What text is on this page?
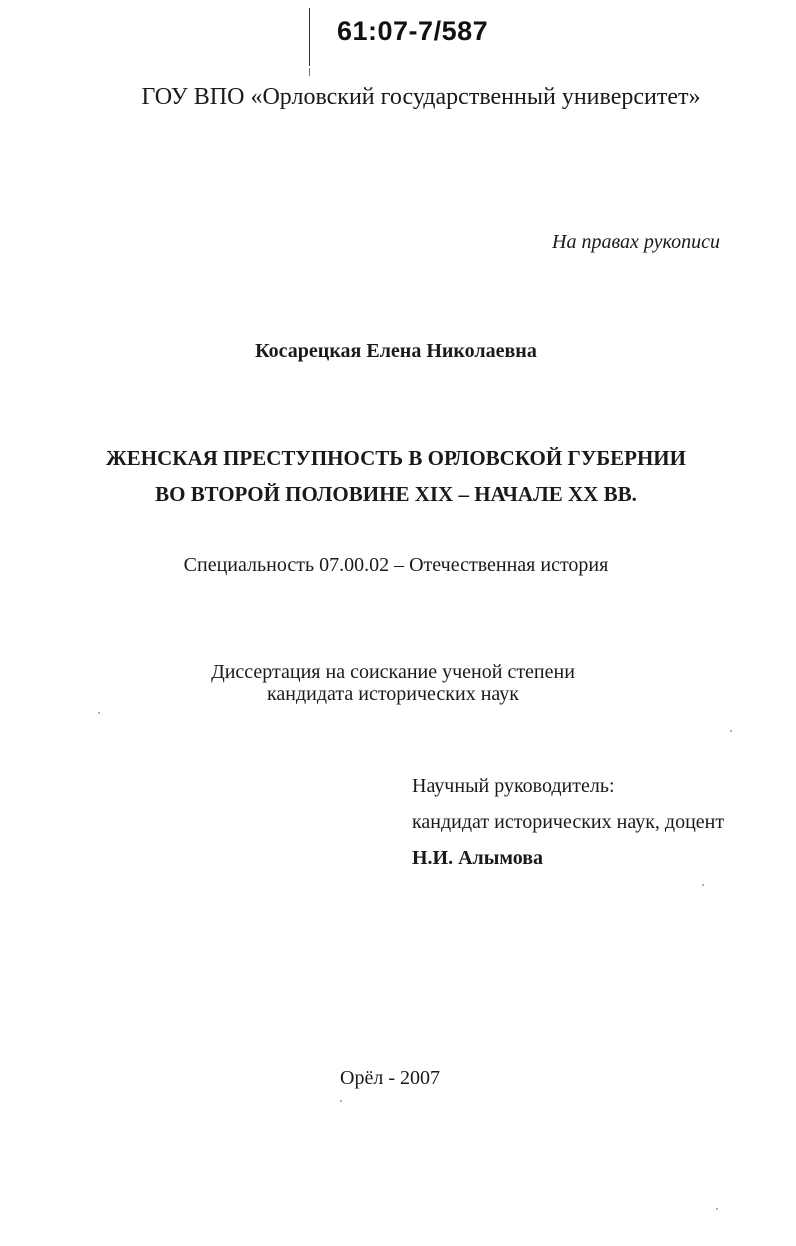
61:07-7/587
ГОУ ВПО «Орловский государственный университет»
На правах рукописи
Косарецкая Елена Николаевна
ЖЕНСКАЯ ПРЕСТУПНОСТЬ В ОРЛОВСКОЙ ГУБЕРНИИ
ВО ВТОРОЙ ПОЛОВИНЕ XIX – НАЧАЛЕ XX ВВ.
Специальность 07.00.02 – Отечественная история
Диссертация на соискание ученой степени
кандидата исторических наук
Научный руководитель:
кандидат исторических наук, доцент
Н.И. Алымова
Орёл - 2007
